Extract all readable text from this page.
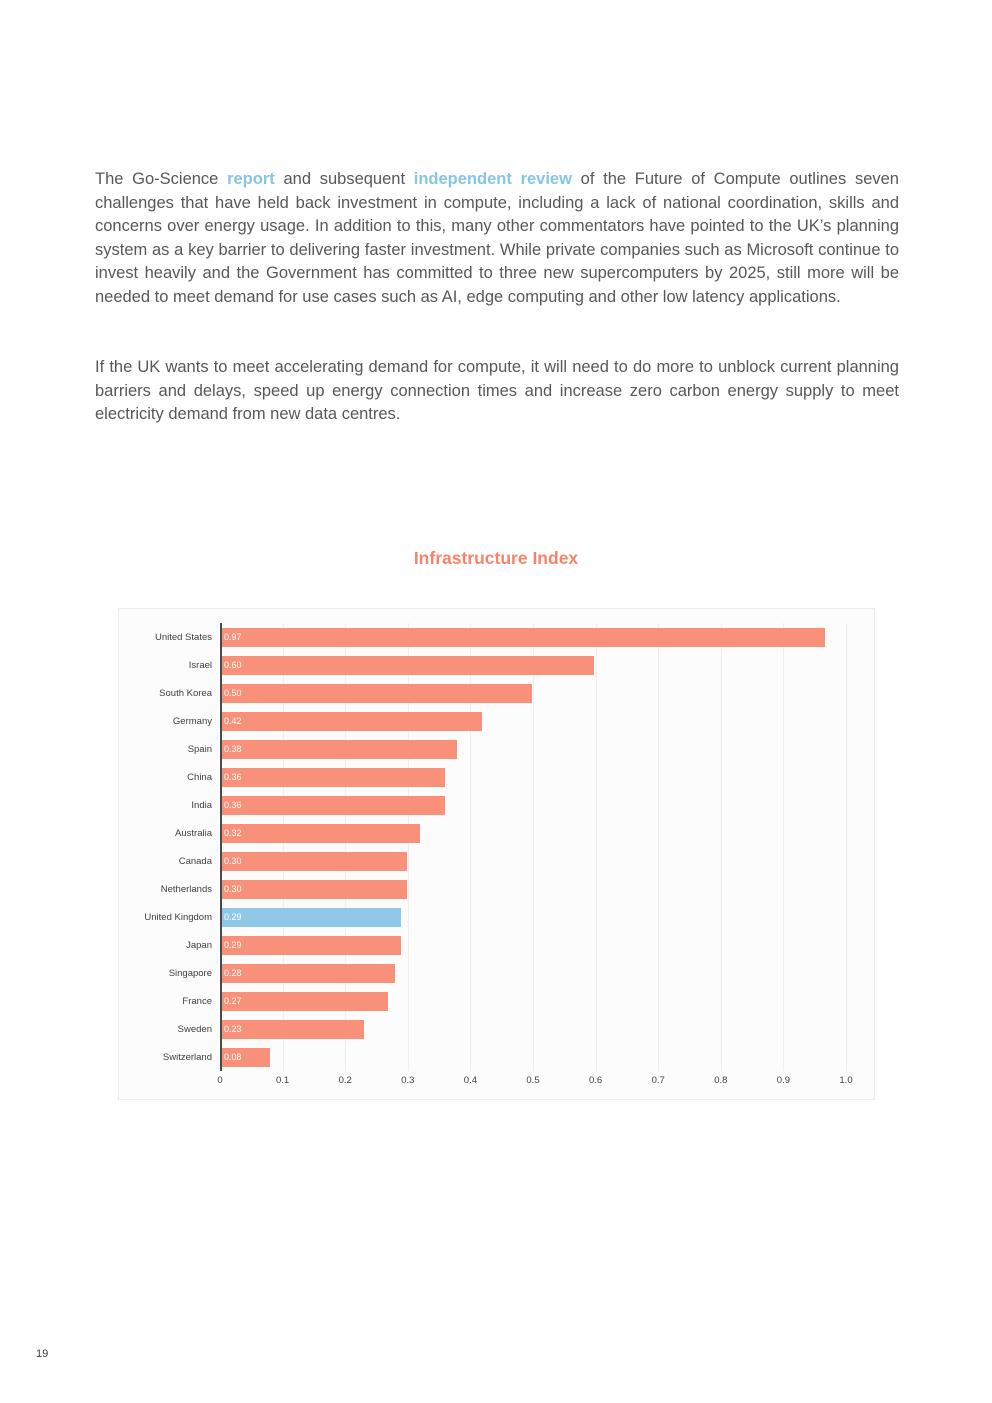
The Go-Science report and subsequent independent review of the Future of Compute outlines seven challenges that have held back investment in compute, including a lack of national coordination, skills and concerns over energy usage. In addition to this, many other commentators have pointed to the UK’s planning system as a key barrier to delivering faster investment. While private companies such as Microsoft continue to invest heavily and the Government has committed to three new supercomputers by 2025, still more will be needed to meet demand for use cases such as AI, edge computing and other low latency applications.

If the UK wants to meet accelerating demand for compute, it will need to do more to unblock current planning barriers and delays, speed up energy connection times and increase zero carbon energy supply to meet electricity demand from new data centres.

Infrastructure Index
United States	0.97
Israel	0.60
South Korea	0.50
Germany	0.42
Spain	0.38
China	0.36
India	0.36
Australia	0.32
Canada	0.30
Netherlands	0.30
United Kingdom	0.29
Japan	0.29
Singapore	0.28
France	0.27
Sweden	0.23
Switzerland	0.08
0	0.1	0.2	0.3	0.4	0.5	0.6	0.7	0.8	0.9	1.0
19
